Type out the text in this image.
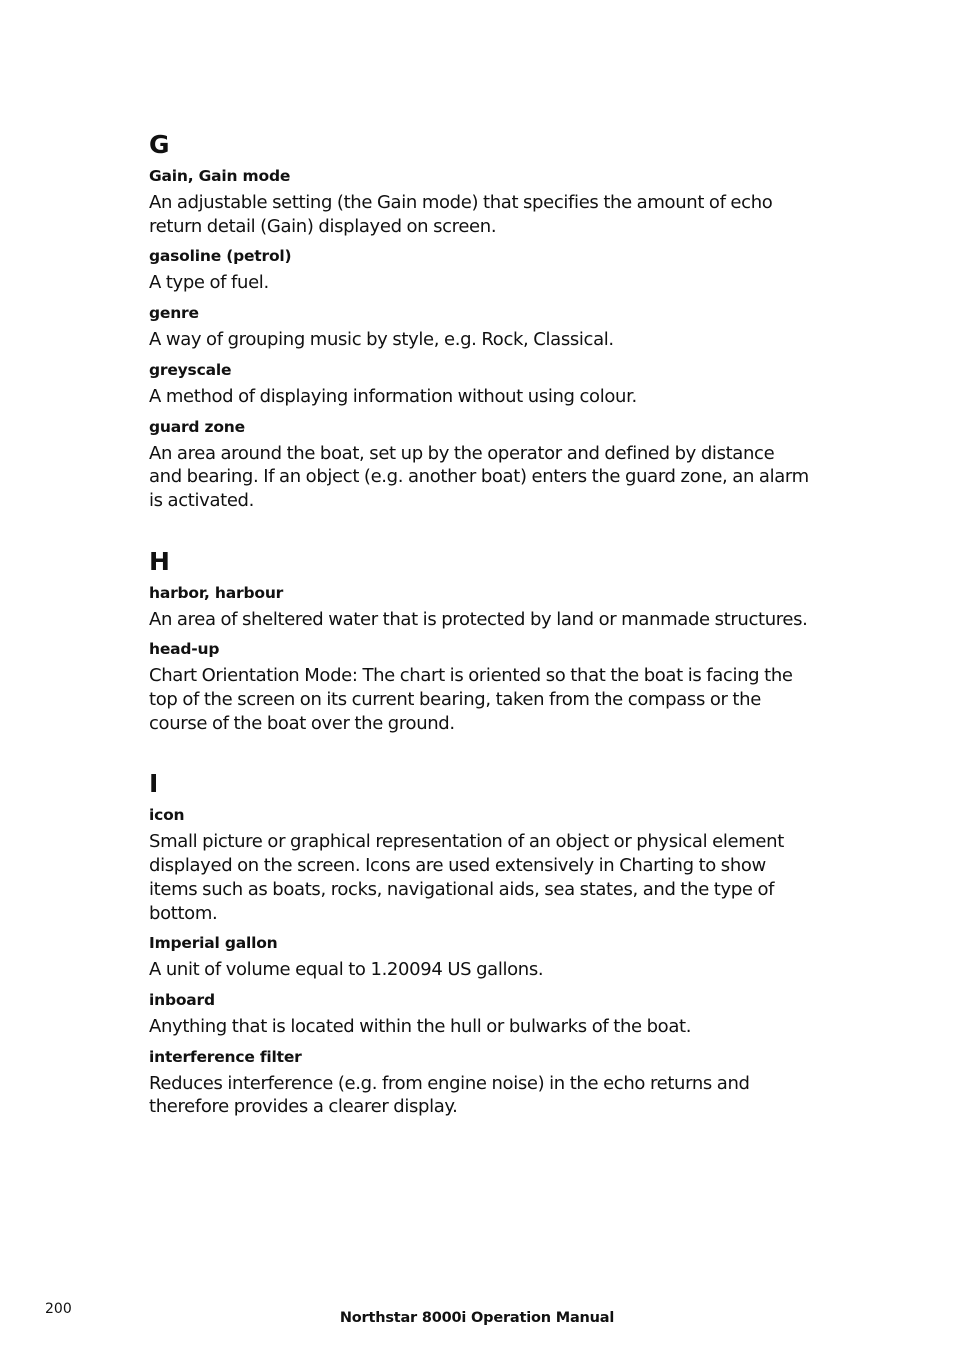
G
Gain, Gain mode
An adjustable setting (the Gain mode) that specifies the amount of echo return detail (Gain) displayed on screen.
gasoline (petrol)
A type of fuel.
genre
A way of grouping music by style, e.g. Rock, Classical.
greyscale
A method of displaying information without using colour.
guard zone
An area around the boat, set up by the operator and defined by distance and bearing. If an object (e.g. another boat) enters the guard zone, an alarm is activated.
H
harbor, harbour
An area of sheltered water that is protected by land or manmade structures.
head-up
Chart Orientation Mode: The chart is oriented so that the boat is facing the top of the screen on its current bearing, taken from the compass or the course of the boat over the ground.
I
icon
Small picture or graphical representation of an object or physical element displayed on the screen. Icons are used extensively in Charting to show items such as boats, rocks, navigational aids, sea states, and the type of bottom.
Imperial gallon
A unit of volume equal to 1.20094 US gallons.
inboard
Anything that is located within the hull or bulwarks of the boat.
interference filter
Reduces interference (e.g. from engine noise) in the echo returns and therefore provides a clearer display.
200
Northstar 8000i Operation Manual
